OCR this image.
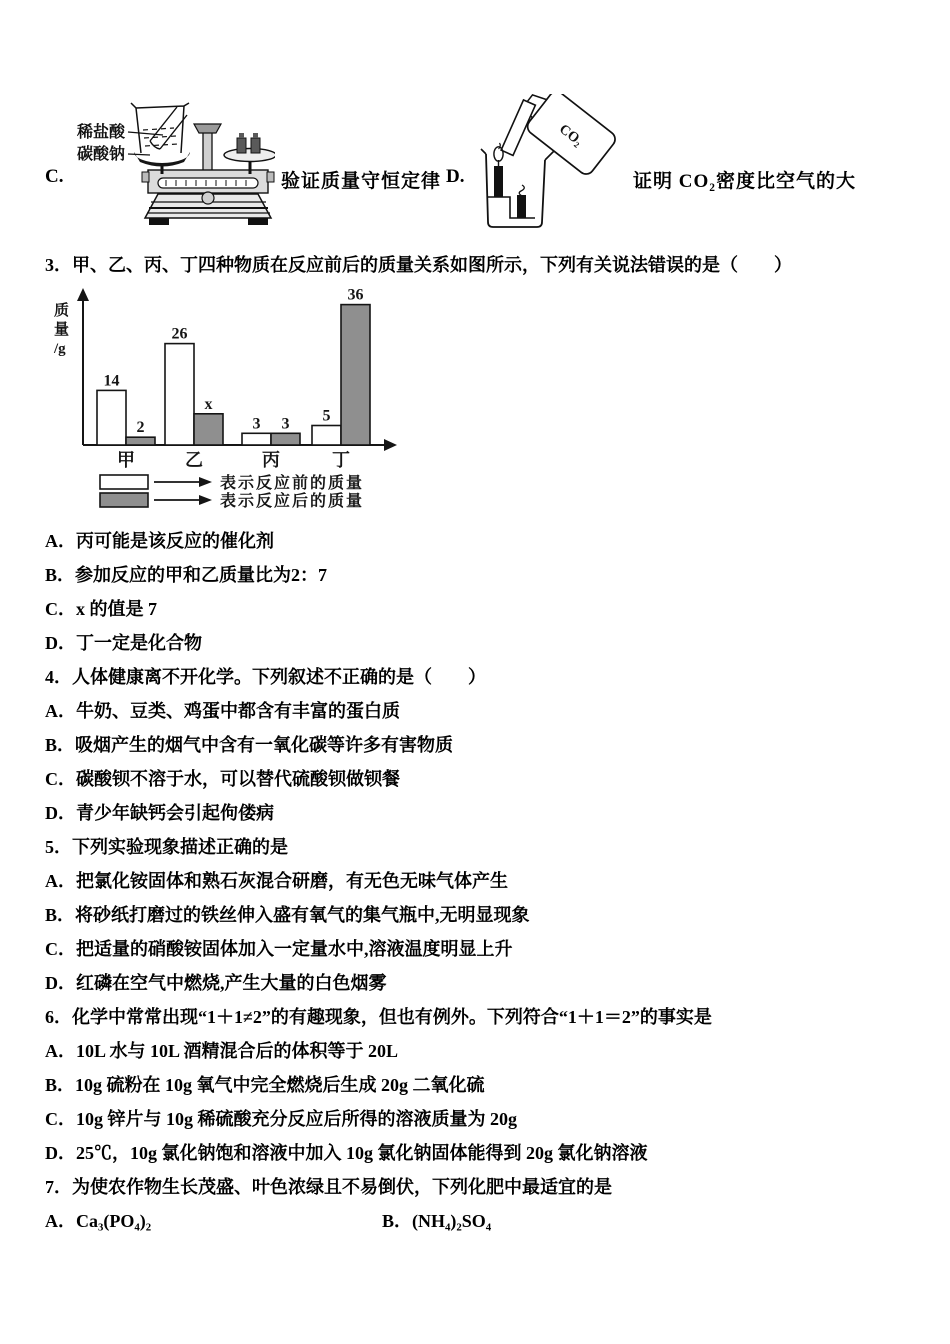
C.
稀盐酸
碳酸钠
验证质量守恒定律 D.
CO₂
证明 CO₂密度比空气的大
3．甲、乙、丙、丁四种物质在反应前后的质量关系如图所示，下列有关说法错误的是（　　）
质
量
/g
14
2
甲
26
x
乙
3 3
丙
5
36
丁
表示反应前的质量
表示反应后的质量
A．丙可能是该反应的催化剂
B．参加反应的甲和乙质量比为2：7
C．x 的值是 7
D．丁一定是化合物
4．人体健康离不开化学。下列叙述不正确的是（　　）
A．牛奶、豆类、鸡蛋中都含有丰富的蛋白质
B．吸烟产生的烟气中含有一氧化碳等许多有害物质
C．碳酸钡不溶于水，可以替代硫酸钡做钡餐
D．青少年缺钙会引起佝偻病
5．下列实验现象描述正确的是
A．把氯化铵固体和熟石灰混合研磨，有无色无味气体产生
B．将砂纸打磨过的铁丝伸入盛有氧气的集气瓶中,无明显现象
C．把适量的硝酸铵固体加入一定量水中,溶液温度明显上升
D．红磷在空气中燃烧,产生大量的白色烟雾
6．化学中常常出现“1＋1≠2”的有趣现象，但也有例外。下列符合“1＋1＝2”的事实是
A．10L 水与 10L 酒精混合后的体积等于 20L
B．10g 硫粉在 10g 氧气中完全燃烧后生成 20g 二氧化硫
C．10g 锌片与 10g 稀硫酸充分反应后所得的溶液质量为 20g
D．25℃，10g 氯化钠饱和溶液中加入 10g 氯化钠固体能得到 20g 氯化钠溶液
7．为使农作物生长茂盛、叶色浓绿且不易倒伏，下列化肥中最适宜的是
A．Ca₃(PO₄)₂	B．(NH₄)₂SO₄
